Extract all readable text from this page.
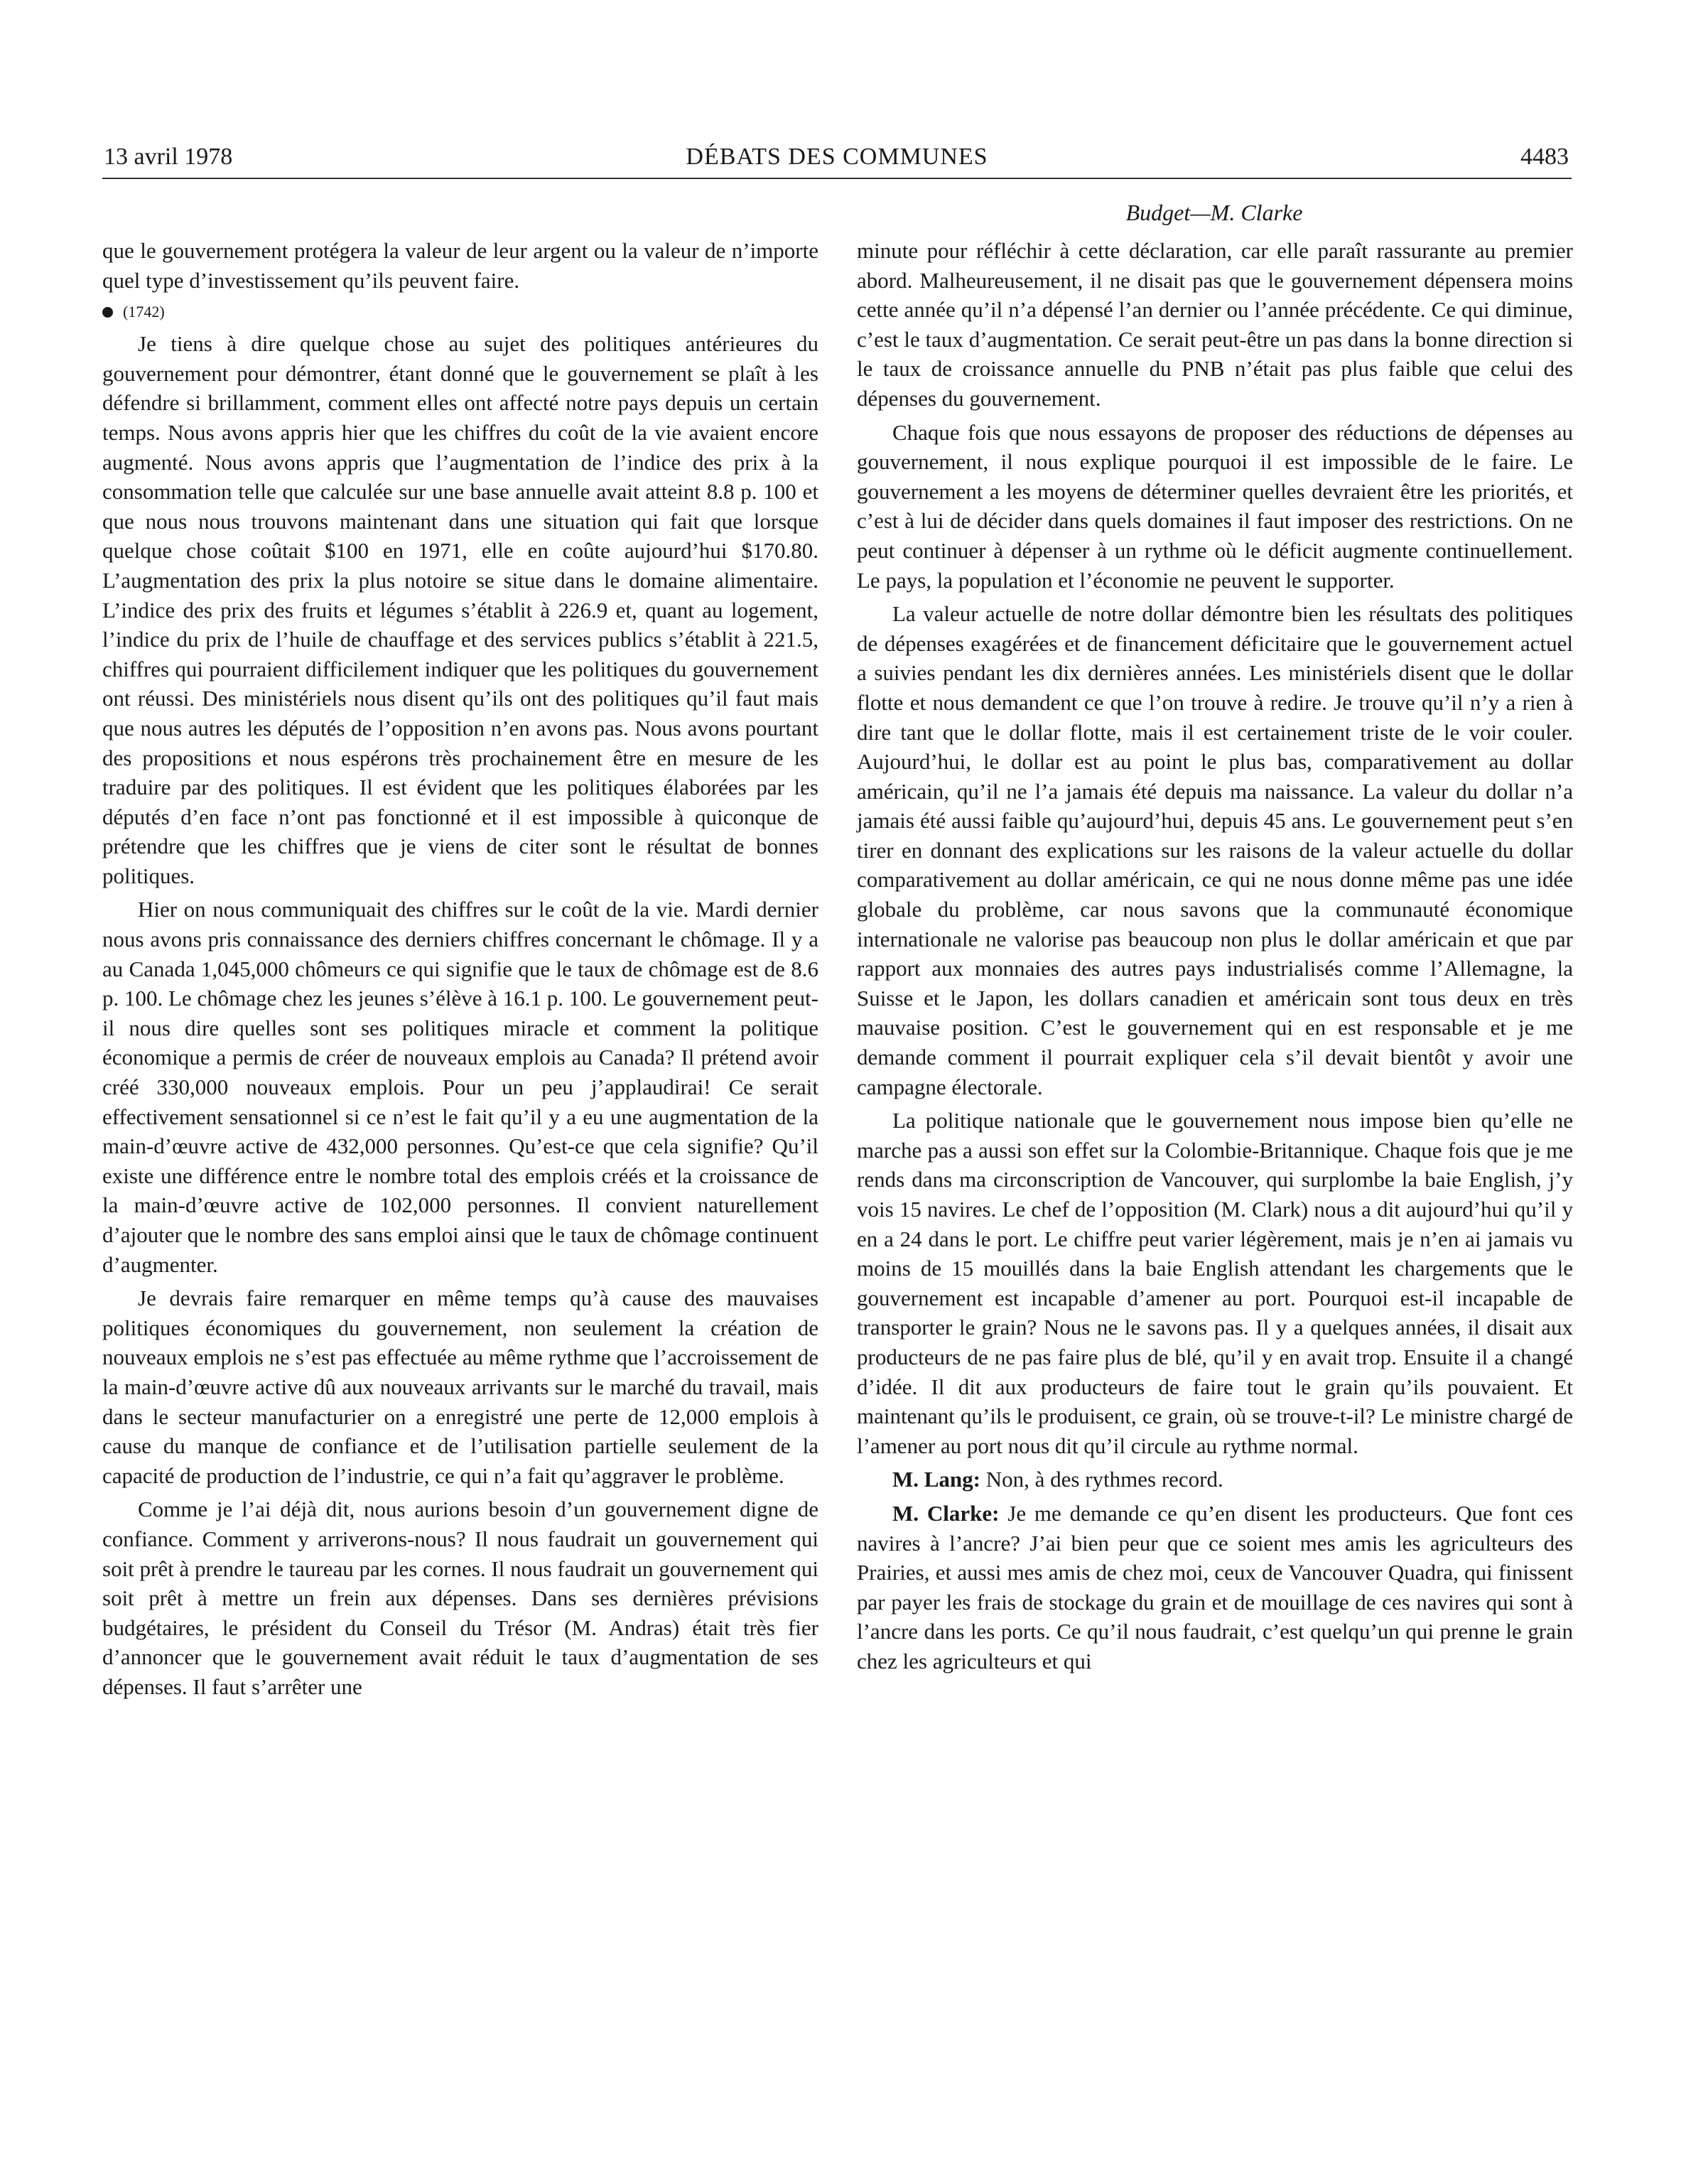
13 avril 1978	DÉBATS DES COMMUNES	4483
Budget—M. Clarke

que le gouvernement protégera la valeur de leur argent ou la valeur de n’importe quel type d’investissement qu’ils peuvent faire.

(1742)

Je tiens à dire quelque chose au sujet des politiques antérieures du gouvernement pour démontrer, étant donné que le gouvernement se plaît à les défendre si brillamment, comment elles ont affecté notre pays depuis un certain temps. Nous avons appris hier que les chiffres du coût de la vie avaient encore augmenté. Nous avons appris que l’augmentation de l’indice des prix à la consommation telle que calculée sur une base annuelle avait atteint 8.8 p. 100 et que nous nous trouvons maintenant dans une situation qui fait que lorsque quelque chose coûtait $100 en 1971, elle en coûte aujourd’hui $170.80. L’augmentation des prix la plus notoire se situe dans le domaine alimentaire. L’indice des prix des fruits et légumes s’établit à 226.9 et, quant au logement, l’indice du prix de l’huile de chauffage et des services publics s’établit à 221.5, chiffres qui pourraient difficilement indiquer que les politiques du gouvernement ont réussi. Des ministériels nous disent qu’ils ont des politiques qu’il faut mais que nous autres les députés de l’opposition n’en avons pas. Nous avons pourtant des propositions et nous espérons très prochainement être en mesure de les traduire par des politiques. Il est évident que les politiques élaborées par les députés d’en face n’ont pas fonctionné et il est impossible à quiconque de prétendre que les chiffres que je viens de citer sont le résultat de bonnes politiques.

Hier on nous communiquait des chiffres sur le coût de la vie. Mardi dernier nous avons pris connaissance des derniers chiffres concernant le chômage. Il y a au Canada 1,045,000 chômeurs ce qui signifie que le taux de chômage est de 8.6 p. 100. Le chômage chez les jeunes s’élève à 16.1 p. 100. Le gouvernement peut-il nous dire quelles sont ses politiques miracle et comment la politique économique a permis de créer de nouveaux emplois au Canada? Il prétend avoir créé 330,000 nouveaux emplois. Pour un peu j’applaudirai! Ce serait effectivement sensationnel si ce n’est le fait qu’il y a eu une augmentation de la main-d’œuvre active de 432,000 personnes. Qu’est-ce que cela signifie? Qu’il existe une différence entre le nombre total des emplois créés et la croissance de la main-d’œuvre active de 102,000 personnes. Il convient naturellement d’ajouter que le nombre des sans emploi ainsi que le taux de chômage continuent d’augmenter.

Je devrais faire remarquer en même temps qu’à cause des mauvaises politiques économiques du gouvernement, non seulement la création de nouveaux emplois ne s’est pas effectuée au même rythme que l’accroissement de la main-d’œuvre active dû aux nouveaux arrivants sur le marché du travail, mais dans le secteur manufacturier on a enregistré une perte de 12,000 emplois à cause du manque de confiance et de l’utilisation partielle seulement de la capacité de production de l’industrie, ce qui n’a fait qu’aggraver le problème.

Comme je l’ai déjà dit, nous aurions besoin d’un gouvernement digne de confiance. Comment y arriverons-nous? Il nous faudrait un gouvernement qui soit prêt à prendre le taureau par les cornes. Il nous faudrait un gouvernement qui soit prêt à mettre un frein aux dépenses. Dans ses dernières prévisions budgétaires, le président du Conseil du Trésor (M. Andras) était très fier d’annoncer que le gouvernement avait réduit le taux d’augmentation de ses dépenses. Il faut s’arrêter une

minute pour réfléchir à cette déclaration, car elle paraît rassurante au premier abord. Malheureusement, il ne disait pas que le gouvernement dépensera moins cette année qu’il n’a dépensé l’an dernier ou l’année précédente. Ce qui diminue, c’est le taux d’augmentation. Ce serait peut-être un pas dans la bonne direction si le taux de croissance annuelle du PNB n’était pas plus faible que celui des dépenses du gouvernement.

Chaque fois que nous essayons de proposer des réductions de dépenses au gouvernement, il nous explique pourquoi il est impossible de le faire. Le gouvernement a les moyens de déterminer quelles devraient être les priorités, et c’est à lui de décider dans quels domaines il faut imposer des restrictions. On ne peut continuer à dépenser à un rythme où le déficit augmente continuellement. Le pays, la population et l’économie ne peuvent le supporter.

La valeur actuelle de notre dollar démontre bien les résultats des politiques de dépenses exagérées et de financement déficitaire que le gouvernement actuel a suivies pendant les dix dernières années. Les ministériels disent que le dollar flotte et nous demandent ce que l’on trouve à redire. Je trouve qu’il n’y a rien à dire tant que le dollar flotte, mais il est certainement triste de le voir couler. Aujourd’hui, le dollar est au point le plus bas, comparativement au dollar américain, qu’il ne l’a jamais été depuis ma naissance. La valeur du dollar n’a jamais été aussi faible qu’aujourd’hui, depuis 45 ans. Le gouvernement peut s’en tirer en donnant des explications sur les raisons de la valeur actuelle du dollar comparativement au dollar américain, ce qui ne nous donne même pas une idée globale du problème, car nous savons que la communauté économique internationale ne valorise pas beaucoup non plus le dollar américain et que par rapport aux monnaies des autres pays industrialisés comme l’Allemagne, la Suisse et le Japon, les dollars canadien et américain sont tous deux en très mauvaise position. C’est le gouvernement qui en est responsable et je me demande comment il pourrait expliquer cela s’il devait bientôt y avoir une campagne électorale.

La politique nationale que le gouvernement nous impose bien qu’elle ne marche pas a aussi son effet sur la Colombie-Britannique. Chaque fois que je me rends dans ma circonscription de Vancouver, qui surplombe la baie English, j’y vois 15 navires. Le chef de l’opposition (M. Clark) nous a dit aujourd’hui qu’il y en a 24 dans le port. Le chiffre peut varier légèrement, mais je n’en ai jamais vu moins de 15 mouillés dans la baie English attendant les chargements que le gouvernement est incapable d’amener au port. Pourquoi est-il incapable de transporter le grain? Nous ne le savons pas. Il y a quelques années, il disait aux producteurs de ne pas faire plus de blé, qu’il y en avait trop. Ensuite il a changé d’idée. Il dit aux producteurs de faire tout le grain qu’ils pouvaient. Et maintenant qu’ils le produisent, ce grain, où se trouve-t-il? Le ministre chargé de l’amener au port nous dit qu’il circule au rythme normal.

M. Lang: Non, à des rythmes record.

M. Clarke: Je me demande ce qu’en disent les producteurs. Que font ces navires à l’ancre? J’ai bien peur que ce soient mes amis les agriculteurs des Prairies, et aussi mes amis de chez moi, ceux de Vancouver Quadra, qui finissent par payer les frais de stockage du grain et de mouillage de ces navires qui sont à l’ancre dans les ports. Ce qu’il nous faudrait, c’est quelqu’un qui prenne le grain chez les agriculteurs et qui
